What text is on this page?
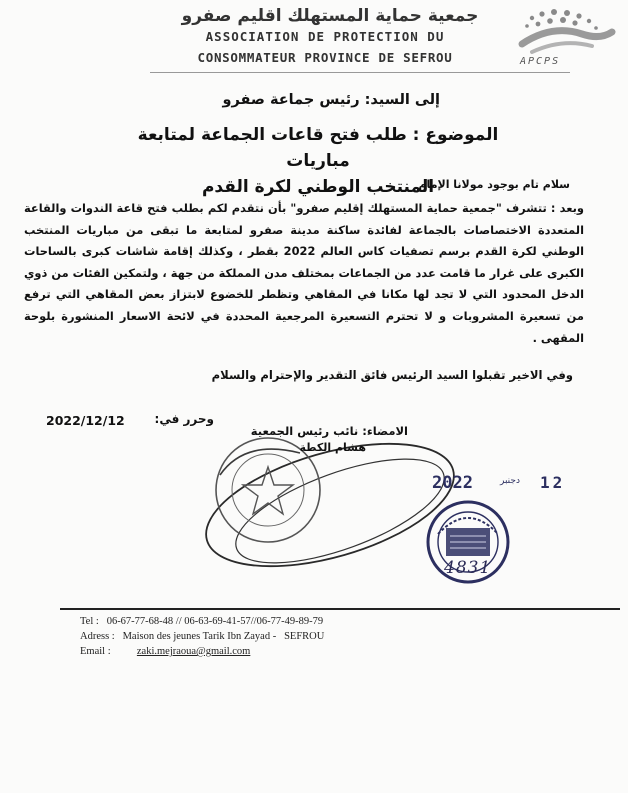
جمعية حماية المستهلك اقليم صفرو
ASSOCIATION DE PROTECTION DU
CONSOMMATEUR PROVINCE DE SEFROU	APCPS
إلى السيد: رئيس جماعة صفرو
الموضوع : طلب فتح قاعات الجماعة لمتابعة مباريات
المنتخب الوطني لكرة القدم
سلام تام بوجود مولانا الإمام
وبعد : تتشرف "جمعية حماية المستهلك إقليم صفرو" بأن نتقدم لكم بطلب فتح قاعة الندوات والقاعة المتعددة الاختصاصات بالجماعة لفائدة ساكنة مدينة صفرو لمتابعة ما تبقى من مباريات المنتخب الوطني لكرة القدم برسم تصفيات كاس العالم 2022 بقطر ، وكذلك إقامة شاشات كبرى بالساحات الكبرى على غرار ما قامت عدد من الجماعات بمختلف مدن المملكة من جهة ، ولتمكين الفئات من ذوي الدخل المحدود التي لا تجد لها مكانا في المقاهي وتظطر للخضوع لابتزاز بعض المقاهي التي ترفع من تسعيرة المشروبات و لا تحترم التسعيرة المرجعية المحددة في لائحة الاسعار المنشورة بلوحة المقهى .
وفي الاخير تقبلوا السيد الرئيس فائق التقدير والإحترام والسلام
وحرر في:
2022/12/12
الامضاء: نائب رئيس الجمعية
هشام الكطة
2022	دجنبر 12
4831
Tel : 06-67-77-68-48 // 06-63-69-41-57//06-77-49-89-79
Adress : Maison des jeunes Tarik Ibn Zayad -   SEFROU
Email :	zaki.mejraoua@gmail.com
